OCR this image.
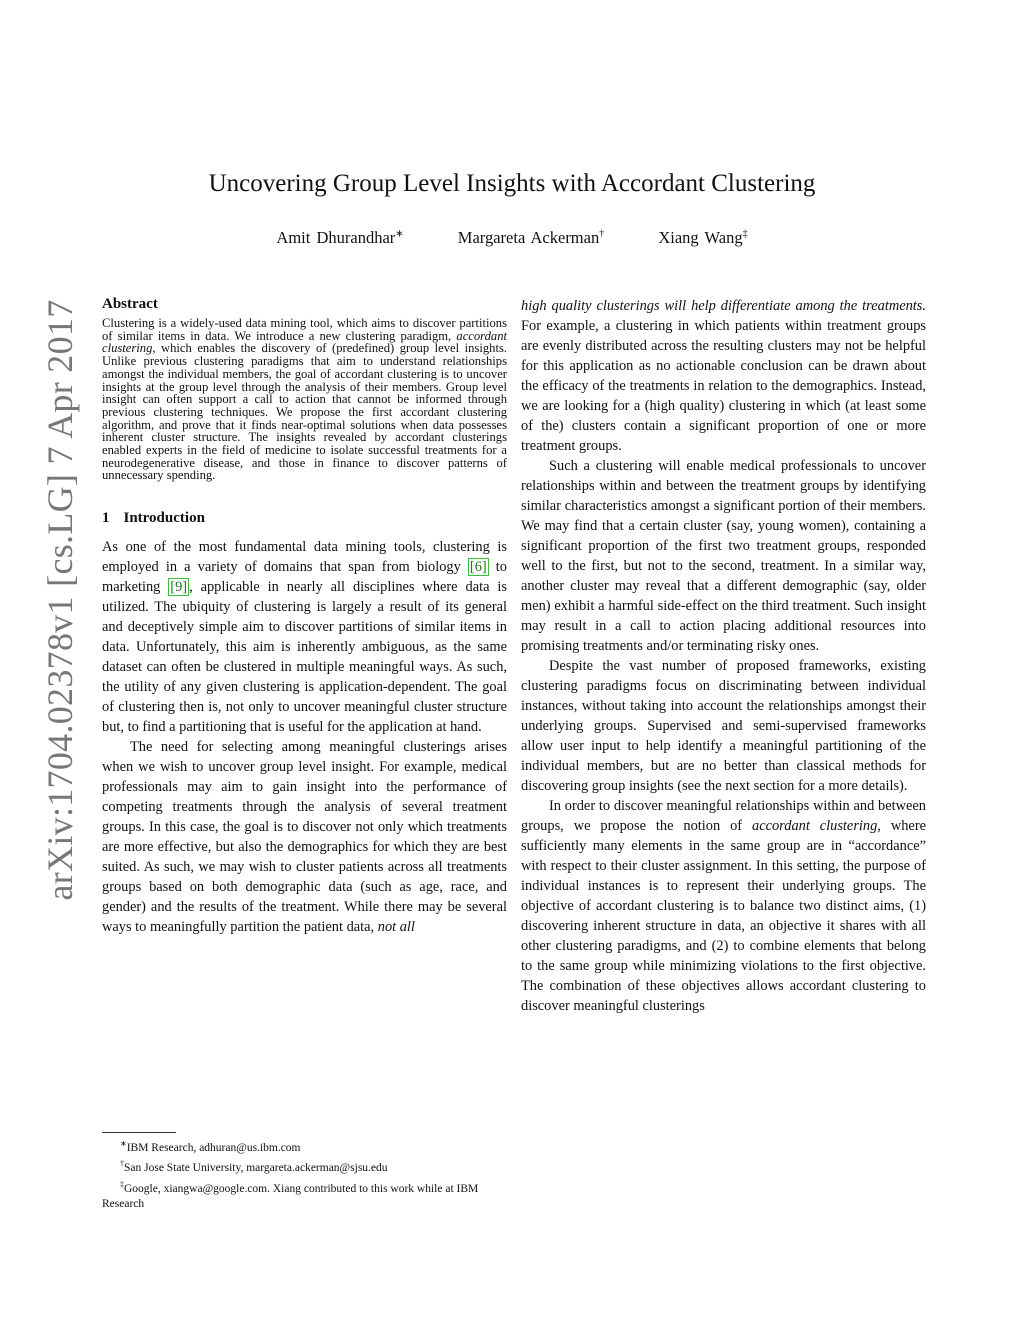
arXiv:1704.02378v1 [cs.LG] 7 Apr 2017
Uncovering Group Level Insights with Accordant Clustering
Amit Dhurandhar∗	Margareta Ackerman†	Xiang Wang‡
Abstract

Clustering is a widely-used data mining tool, which aims to discover partitions of similar items in data. We introduce a new clustering paradigm, accordant clustering, which enables the discovery of (predefined) group level insights. Unlike previous clustering paradigms that aim to understand relationships amongst the individual members, the goal of accordant clustering is to uncover insights at the group level through the analysis of their members. Group level insight can often support a call to action that cannot be informed through previous clustering techniques. We propose the first accordant clustering algorithm, and prove that it finds near-optimal solutions when data possesses inherent cluster structure. The insights revealed by accordant clusterings enabled experts in the field of medicine to isolate successful treatments for a neurodegenerative disease, and those in finance to discover patterns of unnecessary spending.

1 Introduction

As one of the most fundamental data mining tools, clustering is employed in a variety of domains that span from biology [6] to marketing [9] , applicable in nearly all disciplines where data is utilized. The ubiquity of clustering is largely a result of its general and deceptively simple aim to discover partitions of similar items in data. Unfortunately, this aim is inherently ambiguous, as the same dataset can often be clustered in multiple meaningful ways. As such, the utility of any given clustering is application-dependent. The goal of clustering then is, not only to uncover meaningful cluster structure but, to find a partitioning that is useful for the application at hand.

The need for selecting among meaningful clusterings arises when we wish to uncover group level insight. For example, medical professionals may aim to gain insight into the performance of competing treatments through the analysis of several treatment groups. In this case, the goal is to discover not only which treatments are more effective, but also the demographics for which they are best suited. As such, we may wish to cluster patients across all treatments groups based on both demographic data (such as age, race, and gender) and the results of the treatment. While there may be several ways to meaningfully partition the patient data, not all

high quality clusterings will help differentiate among the treatments. For example, a clustering in which patients within treatment groups are evenly distributed across the resulting clusters may not be helpful for this application as no actionable conclusion can be drawn about the efficacy of the treatments in relation to the demographics. Instead, we are looking for a (high quality) clustering in which (at least some of the) clusters contain a significant proportion of one or more treatment groups.

Such a clustering will enable medical professionals to uncover relationships within and between the treatment groups by identifying similar characteristics amongst a significant portion of their members. We may find that a certain cluster (say, young women), containing a significant proportion of the first two treatment groups, responded well to the first, but not to the second, treatment. In a similar way, another cluster may reveal that a different demographic (say, older men) exhibit a harmful side-effect on the third treatment. Such insight may result in a call to action placing additional resources into promising treatments and/or terminating risky ones.

Despite the vast number of proposed frameworks, existing clustering paradigms focus on discriminating between individual instances, without taking into account the relationships amongst their underlying groups. Supervised and semi-supervised frameworks allow user input to help identify a meaningful partitioning of the individual members, but are no better than classical methods for discovering group insights (see the next section for a more details).

In order to discover meaningful relationships within and between groups, we propose the notion of accordant clustering, where sufficiently many elements in the same group are in “accordance” with respect to their cluster assignment. In this setting, the purpose of individual instances is to represent their underlying groups. The objective of accordant clustering is to balance two distinct aims, (1) discovering inherent structure in data, an objective it shares with all other clustering paradigms, and (2) to combine elements that belong to the same group while minimizing violations to the first objective. The combination of these objectives allows accordant clustering to discover meaningful clusterings

∗IBM Research, adhuran@us.ibm.com
†San Jose State University, margareta.ackerman@sjsu.edu
‡Google, xiangwa@google.com. Xiang contributed to this work while at IBM Research
